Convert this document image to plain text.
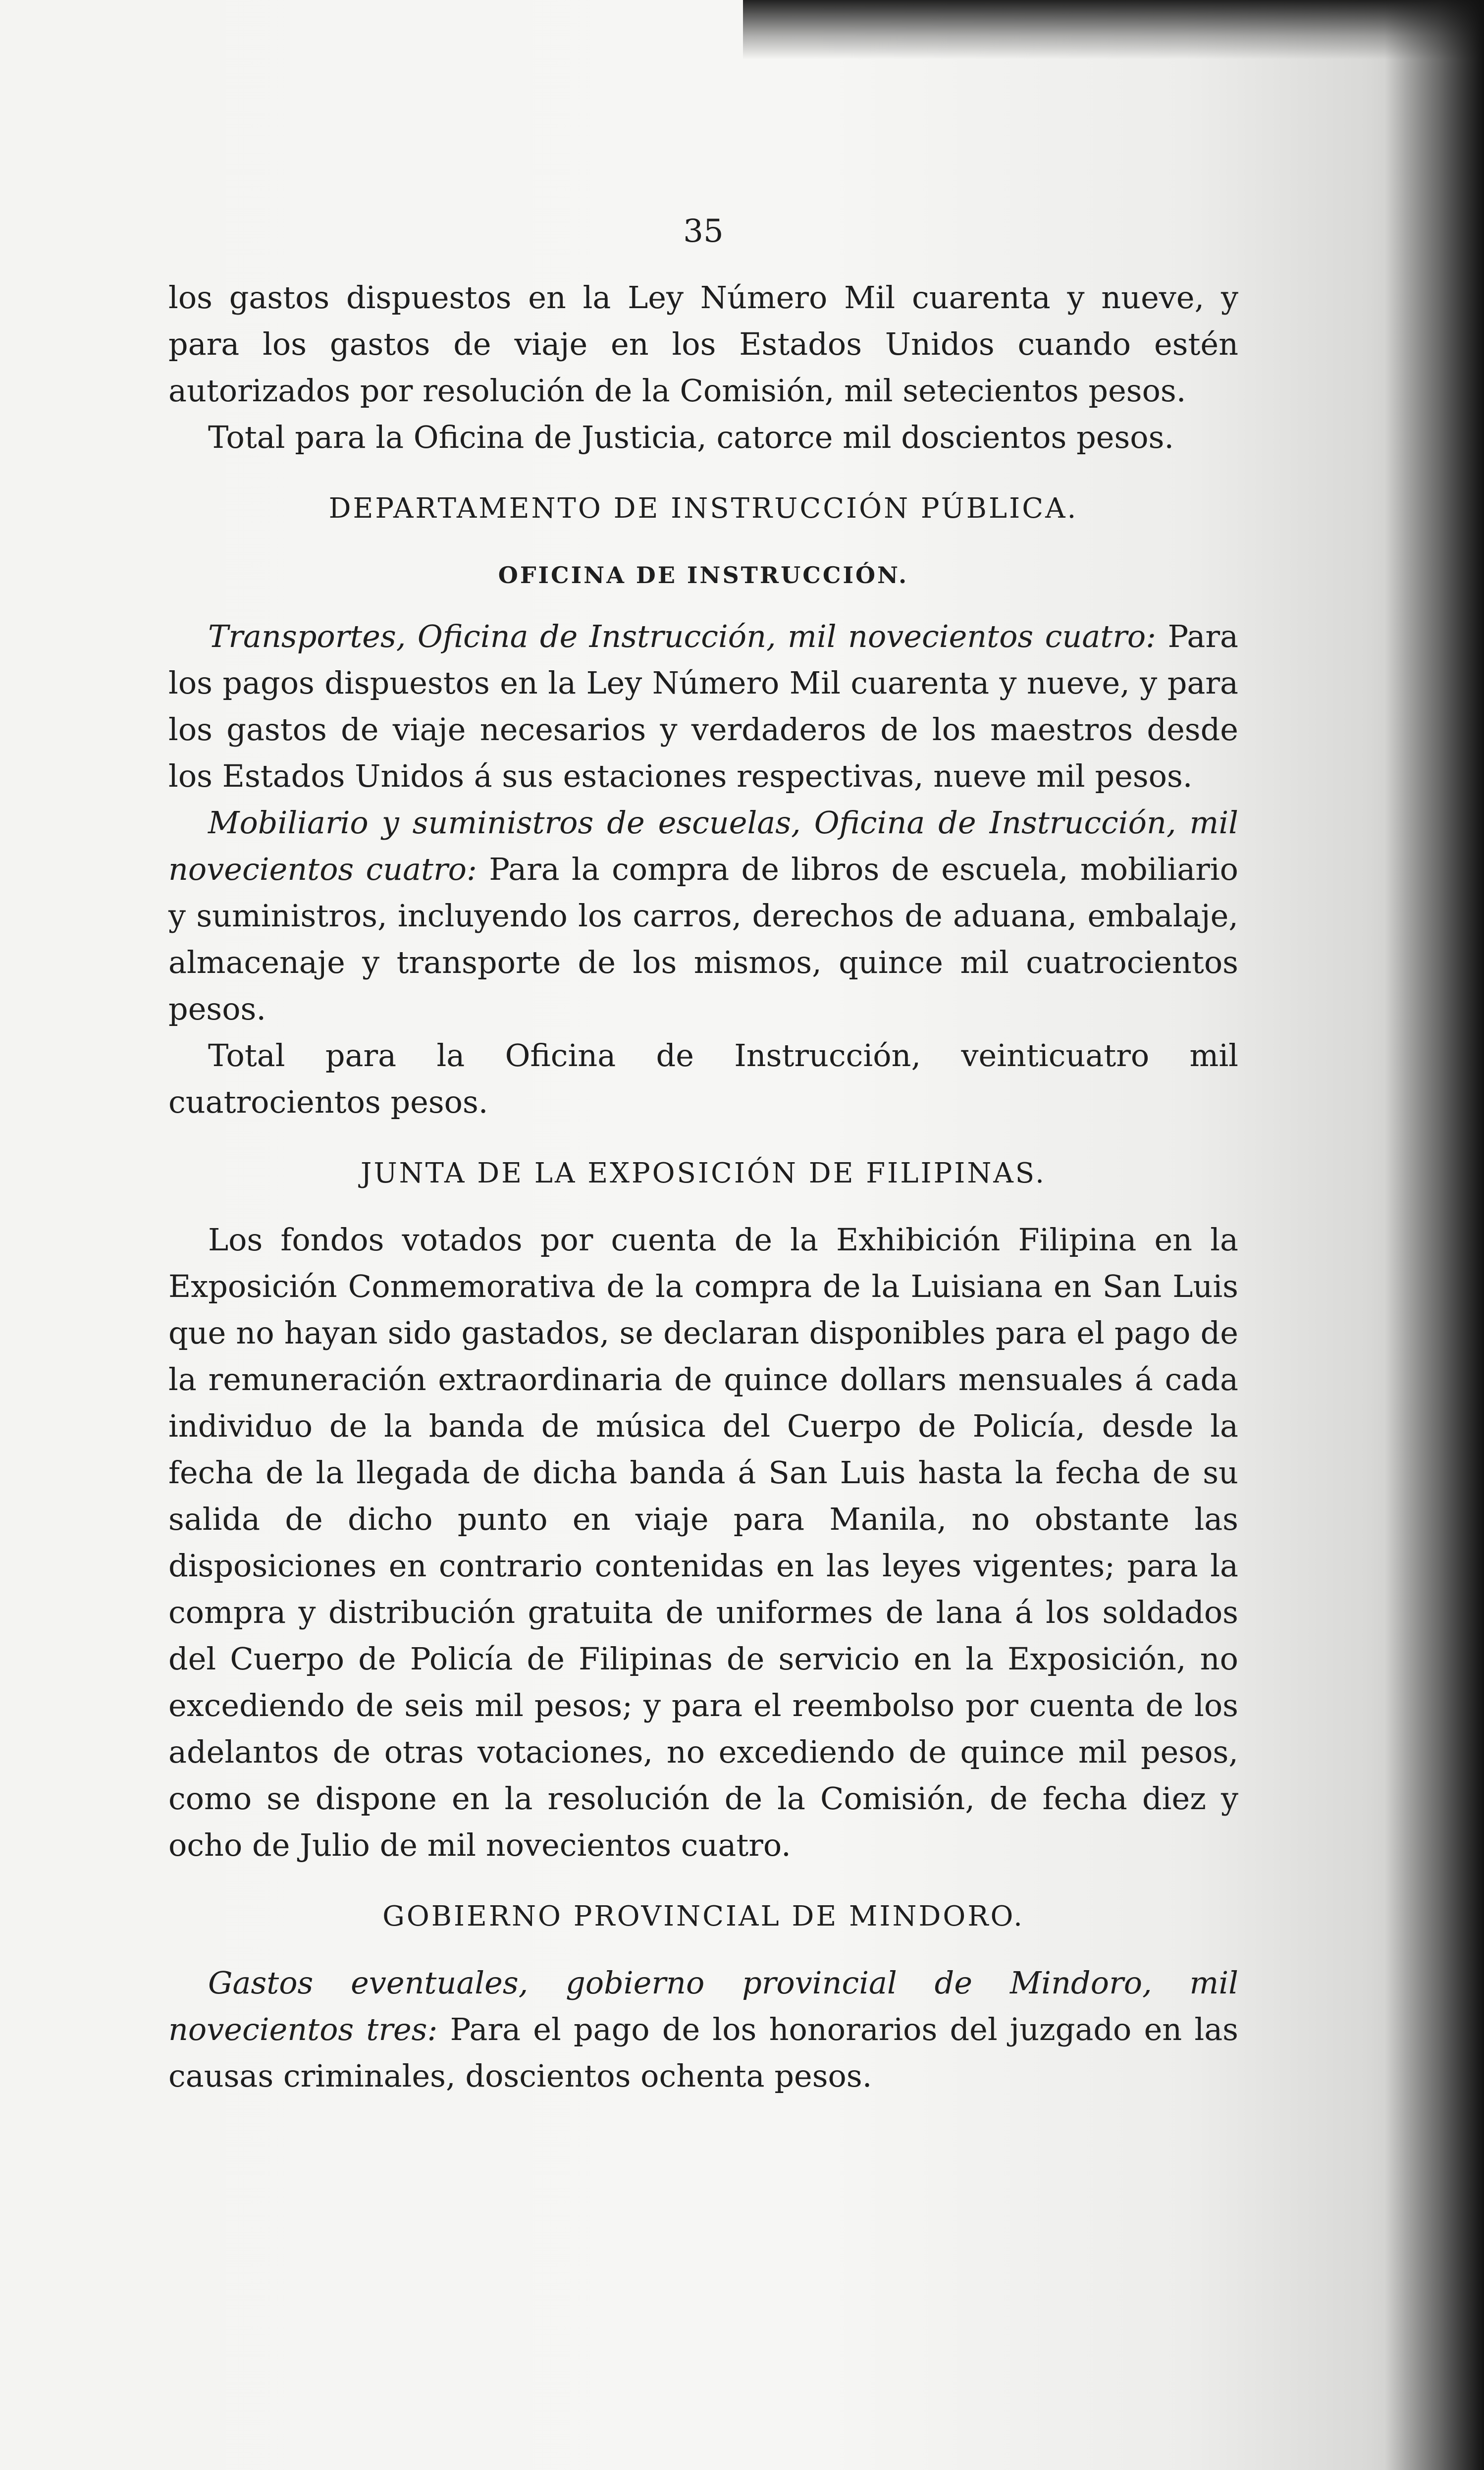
35

los gastos dispuestos en la Ley Número Mil cuarenta y nueve, y para los gastos de viaje en los Estados Unidos cuando estén autorizados por resolución de la Comisión, mil setecientos pesos.

Total para la Oficina de Justicia, catorce mil doscientos pesos.

DEPARTAMENTO DE INSTRUCCIÓN PÚBLICA.
OFICINA DE INSTRUCCIÓN.

Transportes, Oficina de Instrucción, mil novecientos cuatro: Para los pagos dispuestos en la Ley Número Mil cuarenta y nueve, y para los gastos de viaje necesarios y verdaderos de los maestros desde los Estados Unidos á sus estaciones respectivas, nueve mil pesos.

Mobiliario y suministros de escuelas, Oficina de Instrucción, mil novecientos cuatro: Para la compra de libros de escuela, mobiliario y suministros, incluyendo los carros, derechos de aduana, embalaje, almacenaje y transporte de los mismos, quince mil cuatrocientos pesos.

Total para la Oficina de Instrucción, veinticuatro mil cuatrocientos pesos.

JUNTA DE LA EXPOSICIÓN DE FILIPINAS.

Los fondos votados por cuenta de la Exhibición Filipina en la Exposición Conmemorativa de la compra de la Luisiana en San Luis que no hayan sido gastados, se declaran disponibles para el pago de la remuneración extraordinaria de quince dollars mensuales á cada individuo de la banda de música del Cuerpo de Policía, desde la fecha de la llegada de dicha banda á San Luis hasta la fecha de su salida de dicho punto en viaje para Manila, no obstante las disposiciones en contrario contenidas en las leyes vigentes; para la compra y distribución gratuita de uniformes de lana á los soldados del Cuerpo de Policía de Filipinas de servicio en la Exposición, no excediendo de seis mil pesos; y para el reembolso por cuenta de los adelantos de otras votaciones, no excediendo de quince mil pesos, como se dispone en la resolución de la Comisión, de fecha diez y ocho de Julio de mil novecientos cuatro.

GOBIERNO PROVINCIAL DE MINDORO.

Gastos eventuales, gobierno provincial de Mindoro, mil novecientos tres: Para el pago de los honorarios del juzgado en las causas criminales, doscientos ochenta pesos.
